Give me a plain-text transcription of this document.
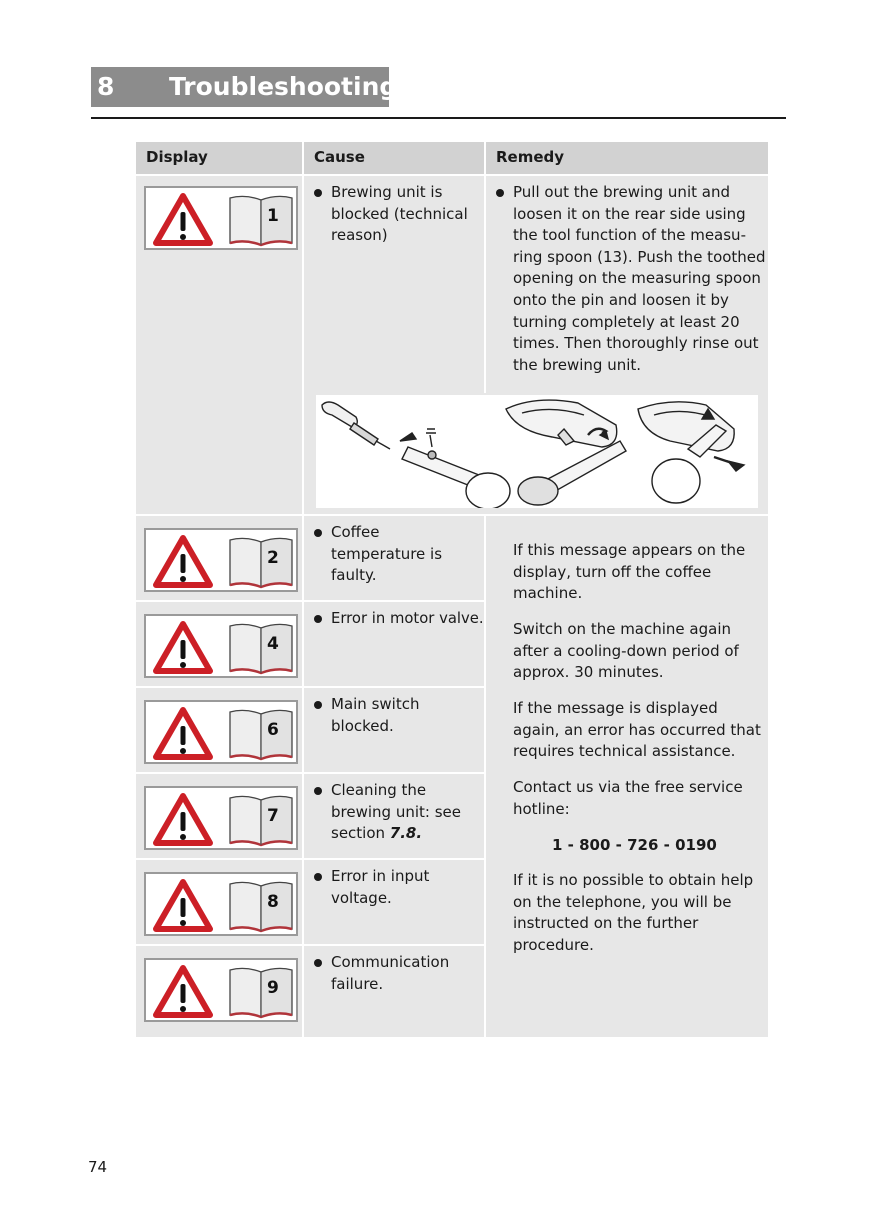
8 Troubleshooting
Display	Cause	Remedy
1
Brewing unit is blocked (technical reason)
Pull out the brewing unit and loosen it on the rear side using the tool function of the measu-ring spoon (13). Push the toothed opening on the measuring spoon onto the pin and loosen it by turning completely at least 20 times. Then thoroughly rinse out the brewing unit.
2
Coffee temperature is faulty.
4
Error in motor valve.
6
Main switch blocked.
7
Cleaning the brewing unit: see section 7.8.
8
Error in input voltage.
9
Communication failure.
If this message appears on the display, turn off the coffee machine.
Switch on the machine again after a cooling-down period of approx. 30 minutes.
If the message is displayed again, an error has occurred that requires technical assistance.
Contact us via the free service hotline:
1 - 800 - 726 - 0190
If it is no possible to obtain help on the telephone, you will be instructed on the further procedure.
74
